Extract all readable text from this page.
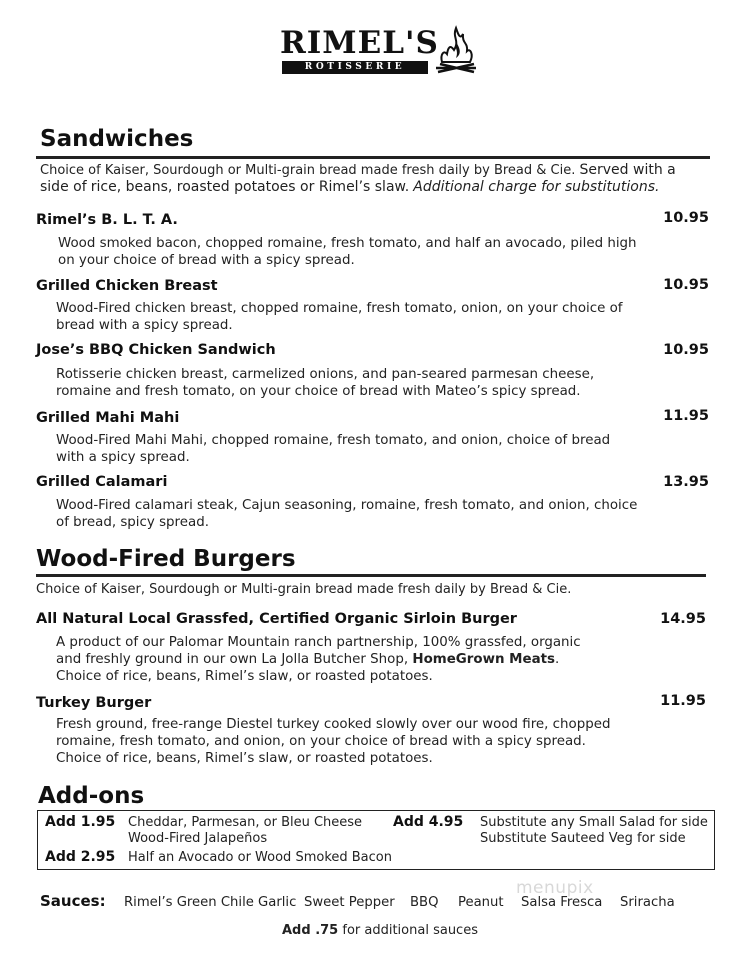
RIMEL'S
ROTISSERIE
Sandwiches
Choice of Kaiser, Sourdough or Multi-grain bread made fresh daily by Bread & Cie. Served with a side of rice, beans, roasted potatoes or Rimel’s slaw. Additional charge for substitutions.
Rimel’s B. L. T. A.	10.95
Wood smoked bacon, chopped romaine, fresh tomato, and half an avocado, piled high on your choice of bread with a spicy spread.
Grilled Chicken Breast	10.95
Wood-Fired chicken breast, chopped romaine, fresh tomato, onion, on your choice of bread with a spicy spread.
Jose’s BBQ Chicken Sandwich	10.95
Rotisserie chicken breast, carmelized onions, and pan-seared parmesan cheese, romaine and fresh tomato, on your choice of bread with Mateo’s spicy spread.
Grilled Mahi Mahi	11.95
Wood-Fired Mahi Mahi, chopped romaine, fresh tomato, and onion, choice of bread with a spicy spread.
Grilled Calamari	13.95
Wood-Fired calamari steak, Cajun seasoning, romaine, fresh tomato, and onion, choice of bread, spicy spread.
Wood-Fired Burgers
Choice of Kaiser, Sourdough or Multi-grain bread made fresh daily by Bread & Cie.
All Natural Local Grassfed, Certified Organic Sirloin Burger	14.95
A product of our Palomar Mountain ranch partnership, 100% grassfed, organic and freshly ground in our own La Jolla Butcher Shop, HomeGrown Meats. Choice of rice, beans, Rimel’s slaw, or roasted potatoes.
Turkey Burger	11.95
Fresh ground, free-range Diestel turkey cooked slowly over our wood fire, chopped romaine, fresh tomato, and onion, on your choice of bread with a spicy spread. Choice of rice, beans, Rimel’s slaw, or roasted potatoes.
Add-ons
Add 1.95 Cheddar, Parmesan, or Bleu Cheese
Wood-Fired Jalapeños
Add 2.95 Half an Avocado or Wood Smoked Bacon
Add 4.95 Substitute any Small Salad for side
Substitute Sauteed Veg for side
Sauces: Rimel’s Green Chile Garlic Sweet Pepper BBQ Peanut Salsa Fresca Sriracha
Add .75 for additional sauces
menupix
